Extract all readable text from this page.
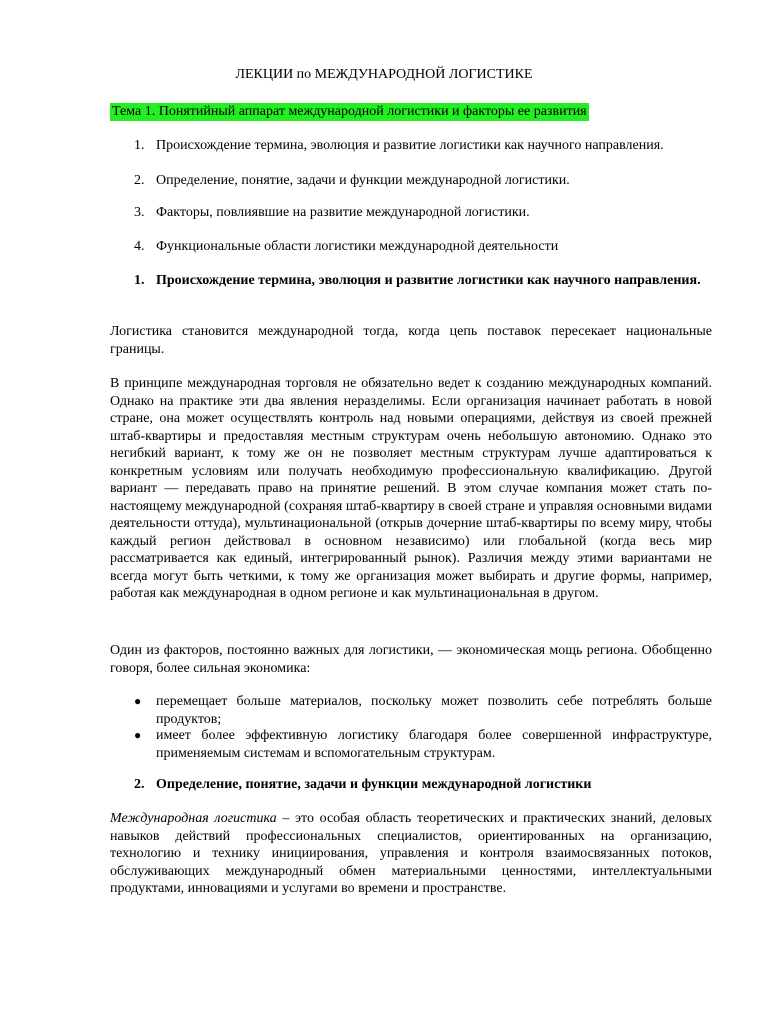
ЛЕКЦИИ по МЕЖДУНАРОДНОЙ ЛОГИСТИКЕ

Тема 1. Понятийный аппарат международной логистики и факторы ее развития

1. Происхождение термина, эволюция и развитие логистики как научного направления.
2. Определение, понятие, задачи и функции международной логистики.
3. Факторы, повлиявшие на развитие международной логистики.
4. Функциональные области логистики международной деятельности
1. Происхождение термина, эволюция и развитие логистики как научного направления.

Логистика становится международной тогда, когда цепь поставок пересекает национальные границы.

В принципе международная торговля не обязательно ведет к созданию международных компаний. Однако на практике эти два явления неразделимы. Если организация начинает работать в новой стране, она может осуществлять контроль над новыми операциями, действуя из своей прежней штаб-квартиры и предоставляя местным структурам очень небольшую автономию. Однако это негибкий вариант, к тому же он не позволяет местным структурам лучше адаптироваться к конкретным условиям или получать необходимую профессиональную квалификацию. Другой вариант — передавать право на принятие решений. В этом случае компания может стать по-настоящему международной (сохраняя штаб-квартиру в своей стране и управляя основными видами деятельности оттуда), мультинациональной (открыв дочерние штаб-квартиры по всему миру, чтобы каждый регион действовал в основном независимо) или глобальной (когда весь мир рассматривается как единый, интегрированный рынок). Различия между этими вариантами не всегда могут быть четкими, к тому же организация может выбирать и другие формы, например, работая как международная в одном регионе и как мультинациональная в другом.

Один из факторов, постоянно важных для логистики, — экономическая мощь региона. Обобщенно говоря, более сильная экономика:

● перемещает больше материалов, поскольку может позволить себе потреблять больше продуктов;
● имеет более эффективную логистику благодаря более совершенной инфраструктуре, применяемым системам и вспомогательным структурам.
2. Определение, понятие, задачи и функции международной логистики

Международная логистика – это особая область теоретических и практических знаний, деловых навыков действий профессиональных специалистов, ориентированных на организацию, технологию и технику инициирования, управления и контроля взаимосвязанных потоков, обслуживающих международный обмен материальными ценностями, интеллектуальными продуктами, инновациями и услугами во времени и пространстве.
